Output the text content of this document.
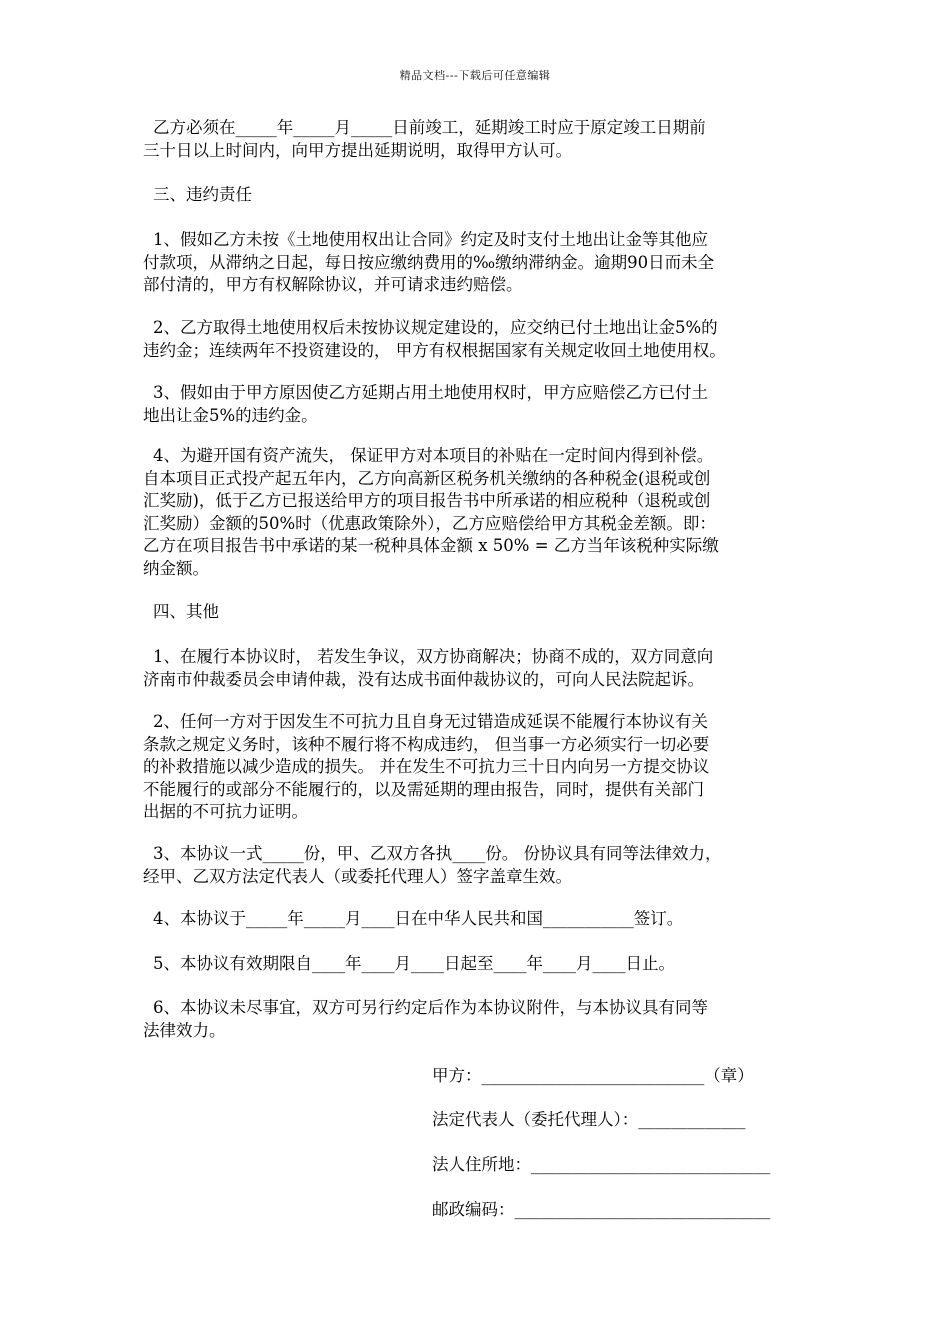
精品文档---下载后可任意编辑

乙方必须在_____年_____月_____日前竣工，延期竣工时应于原定竣工日期前

三十日以上时间内，向甲方提出延期说明，取得甲方认可。

三、违约责任

1、假如乙方未按《土地使用权出让合同》约定及时支付土地出让金等其他应

付款项，从滞纳之日起，每日按应缴纳费用的‰缴纳滞纳金。逾期90日而未全

部付清的，甲方有权解除协议，并可请求违约赔偿。

2、乙方取得土地使用权后未按协议规定建设的，应交纳已付土地出让金5%的

违约金；连续两年不投资建设的， 甲方有权根据国家有关规定收回土地使用权。

3、假如由于甲方原因使乙方延期占用土地使用权时，甲方应赔偿乙方已付土

地出让金5%的违约金。

4、为避开国有资产流失， 保证甲方对本项目的补贴在一定时间内得到补偿。

自本项目正式投产起五年内，乙方向高新区税务机关缴纳的各种税金(退税或创

汇奖励)，低于乙方已报送给甲方的项目报告书中所承诺的相应税种（退税或创

汇奖励）金额的50%时（优惠政策除外），乙方应赔偿给甲方其税金差额。即：

乙方在项目报告书中承诺的某一税种具体金额 x 50% = 乙方当年该税种实际缴

纳金额。

四、其他

1、在履行本协议时， 若发生争议，双方协商解决；协商不成的，双方同意向

济南市仲裁委员会申请仲裁，没有达成书面仲裁协议的，可向人民法院起诉。

2、任何一方对于因发生不可抗力且自身无过错造成延误不能履行本协议有关

条款之规定义务时，该种不履行将不构成违约， 但当事一方必须实行一切必要

的补救措施以减少造成的损失。 并在发生不可抗力三十日内向另一方提交协议

不能履行的或部分不能履行的，以及需延期的理由报告，同时，提供有关部门

出据的不可抗力证明。

3、本协议一式_____份，甲、乙双方各执____份。 份协议具有同等法律效力，

经甲、乙双方法定代表人（或委托代理人）签字盖章生效。

4、本协议于_____年_____月____日在中华人民共和国___________签订。

5、本协议有效期限自____年____月____日起至____年____月____日止。

6、本协议未尽事宜，双方可另行约定后作为本协议附件，与本协议具有同等

法律效力。

甲方：___________________________（章）
法定代表人（委托代理人）：_____________
法人住所地：_____________________________
邮政编码：_______________________________
